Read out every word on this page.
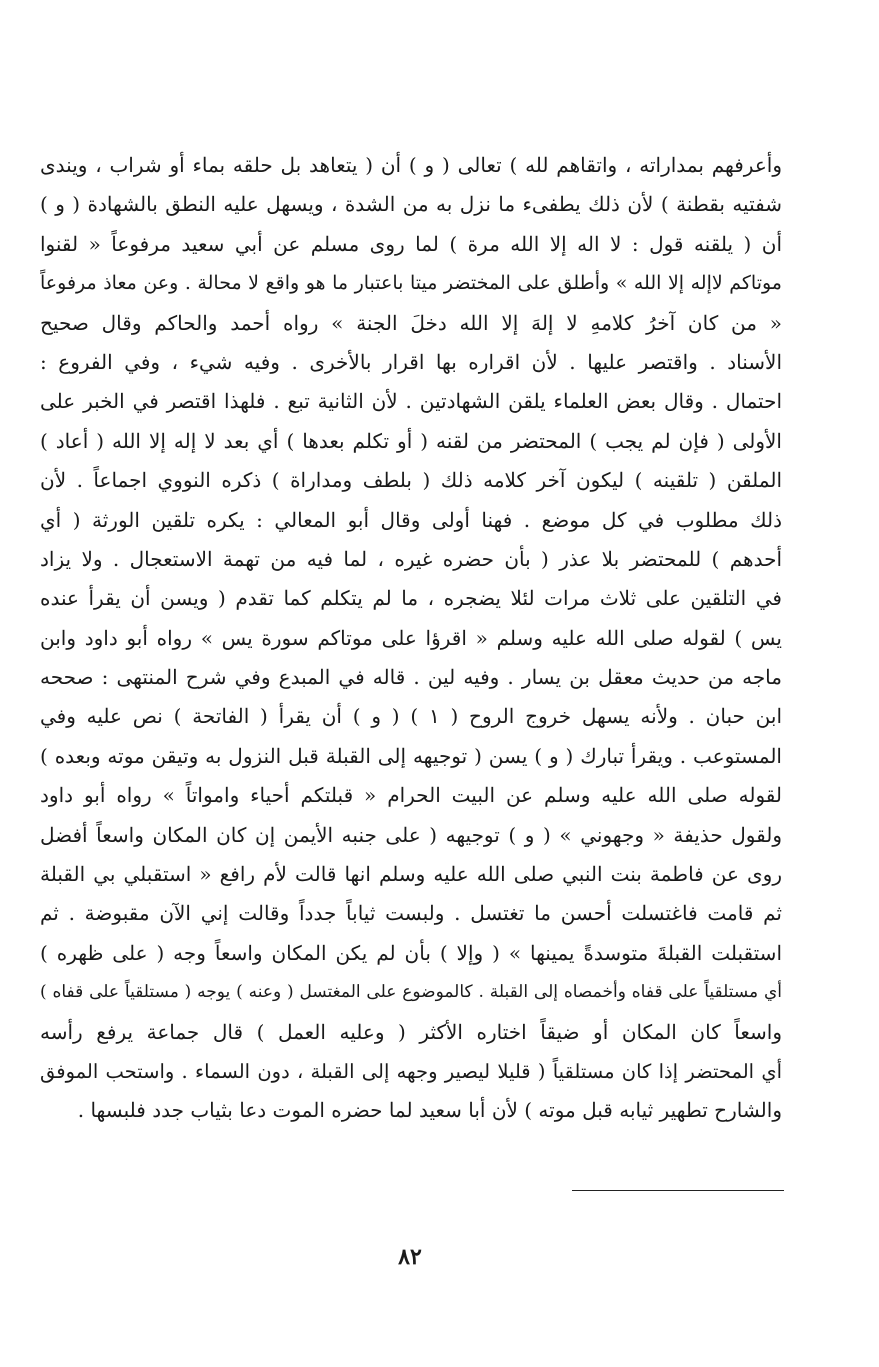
وأعرفهم بمداراته ، واتقاهم لله ) تعالى ( و ) أن ( يتعاهد بل حلقه بماء أو شراب ، ويندى
شفتيه بقطنة ) لأن ذلك يطفىء ما نزل به من الشدة ، ويسهل عليه النطق بالشهادة ( و )
أن ( يلقنه قول : لا اله إلا الله مرة ) لما روى مسلم عن أبي سعيد مرفوعاً « لقنوا
موتاكم لاإله إلا الله » وأطلق على المختضر ميتا باعتبار ما هو واقع لا محالة . وعن معاذ مرفوعاً
« من كان آخرُ كلامهِ لا إلهَ إلا الله دخلَ الجنة » رواه أحمد والحاكم وقال صحيح
الأسناد . واقتصر عليها . لأن اقراره بها اقرار بالأخرى . وفيه شيء ، وفي الفروع :
احتمال . وقال بعض العلماء يلقن الشهادتين . لأن الثانية تبع . فلهذا اقتصر في الخبر على
الأولى ( فإن لم يجب ) المحتضر من لقنه ( أو تكلم بعدها ) أي بعد لا إله إلا الله ( أعاد )
الملقن ( تلقينه ) ليكون آخر كلامه ذلك ( بلطف ومداراة ) ذكره النووي اجماعاً . لأن
ذلك مطلوب في كل موضع . فهنا أولى وقال أبو المعالي : يكره تلقين الورثة ( أي
أحدهم ) للمحتضر بلا عذر ( بأن حضره غيره ، لما فيه من تهمة الاستعجال . ولا يزاد
في التلقين على ثلاث مرات لئلا يضجره ، ما لم يتكلم كما تقدم ( ويسن أن يقرأ عنده
يس ) لقوله صلى الله عليه وسلم « اقرؤا على موتاكم سورة يس » رواه أبو داود وابن
ماجه من حديث معقل بن يسار . وفيه لين . قاله في المبدع وفي شرح المنتهى : صححه
ابن حبان . ولأنه يسهل خروج الروح ( ١ ) ( و ) أن يقرأ ( الفاتحة ) نص عليه وفي
المستوعب . ويقرأ تبارك ( و ) يسن ( توجيهه إلى القبلة قبل النزول به وتيقن موته وبعده )
لقوله صلى الله عليه وسلم عن البيت الحرام « قبلتكم أحياء وامواتاً » رواه أبو داود
ولقول حذيفة « وجهوني » ( و ) توجيهه ( على جنبه الأيمن إن كان المكان واسعاً أفضل
روى عن فاطمة بنت النبي صلى الله عليه وسلم انها قالت لأم رافع « استقبلي بي القبلة
ثم قامت فاغتسلت أحسن ما تغتسل . ولبست ثياباً جدداً وقالت إني الآن مقبوضة . ثم
استقبلت القبلةَ متوسدةً يمينها » ( وإلا ) بأن لم يكن المكان واسعاً وجه ( على ظهره )
أي مستلقياً على قفاه وأخمصاه إلى القبلة . كالموضوع على المغتسل ( وعنه ) يوجه ( مستلقياً على قفاه )
واسعاً كان المكان أو ضيقاً اختاره الأكثر ( وعليه العمل ) قال جماعة يرفع رأسه
أي المحتضر إذا كان مستلقياً ( قليلا ليصير وجهه إلى القبلة ، دون السماء . واستحب الموفق
والشارح تطهير ثيابه قبل موته ) لأن أبا سعيد لما حضره الموت دعا بثياب جدد فلبسها .
٨٢
